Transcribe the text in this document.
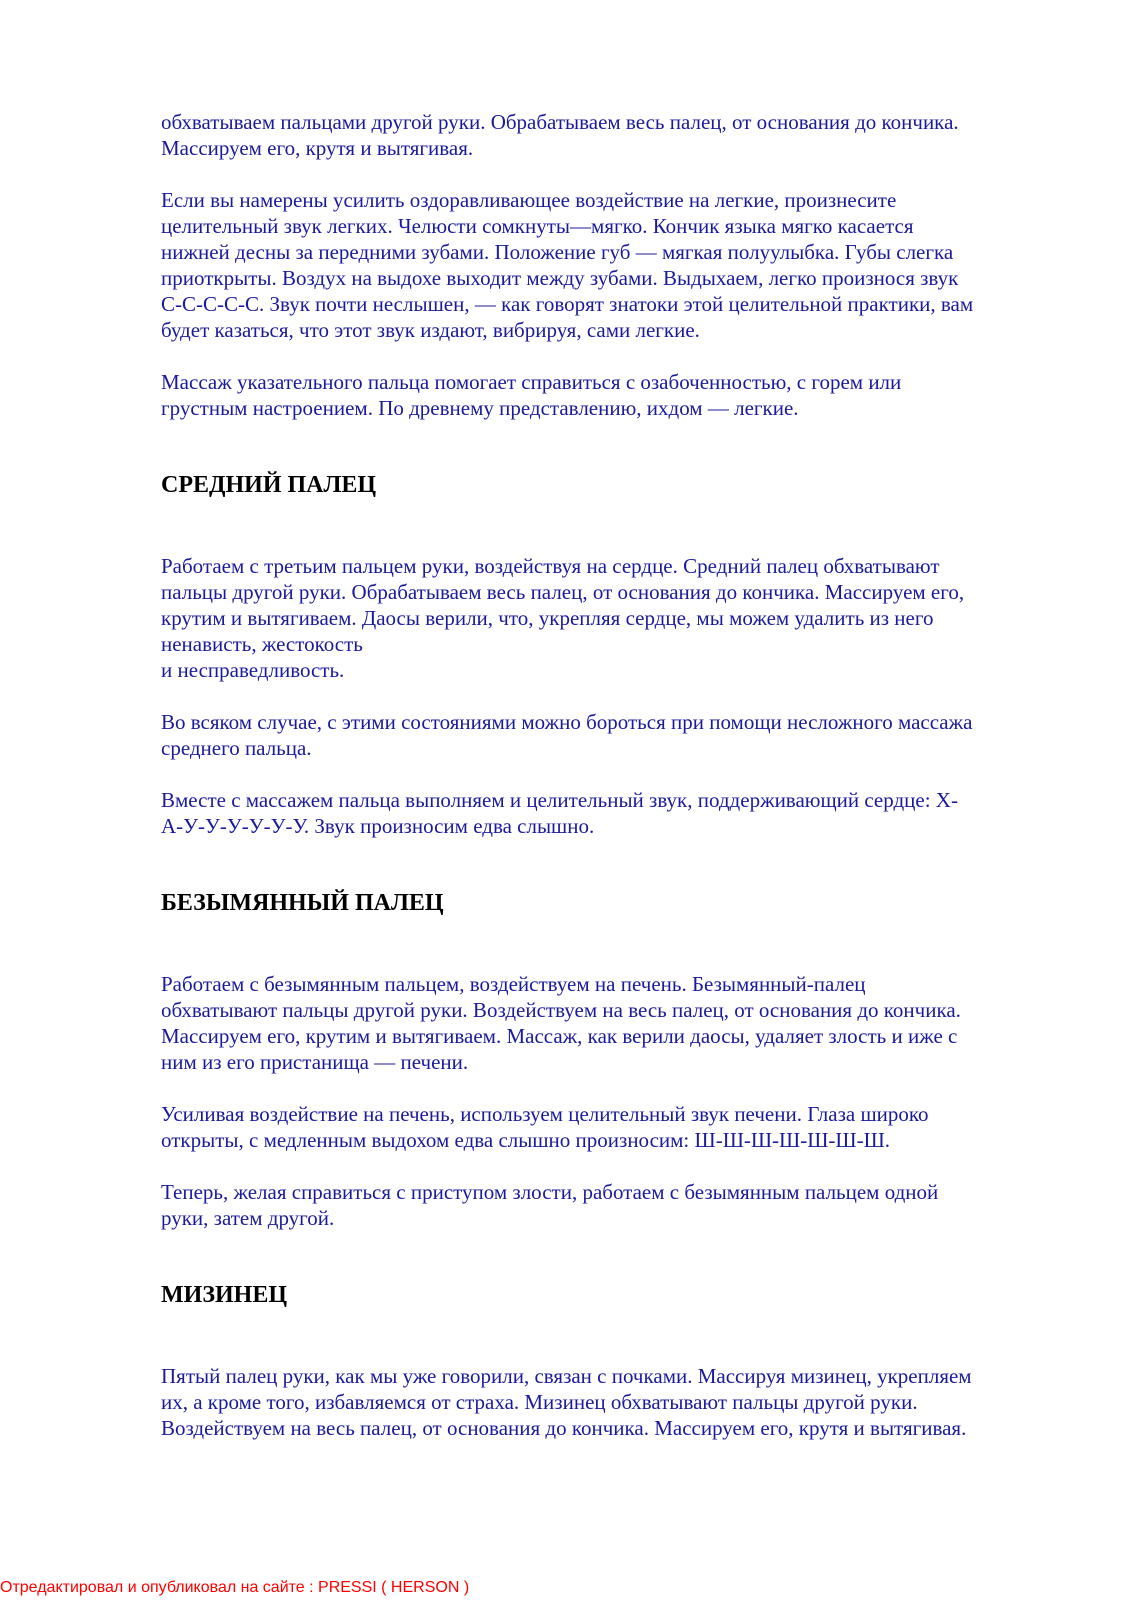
обхватываем пальцами другой руки. Обрабатываем весь палец, от основания до кончика.
Массируем его, крутя и вытягивая.

Если вы намерены усилить оздоравливающее воздействие на легкие, произнесите
целительный звук легких. Челюсти сомкнуты—мягко. Кончик языка мягко касается
нижней десны за передними зубами. Положение губ — мягкая полуулыбка. Губы слегка
приоткрыты. Воздух на выдохе выходит между зубами. Выдыхаем, легко произнося звук
С-С-С-С-С. Звук почти неслышен, — как говорят знатоки этой целительной практики, вам
будет казаться, что этот звук издают, вибрируя, сами легкие.

Массаж указательного пальца помогает справиться с озабоченностью, с горем или
грустным настроением. По древнему представлению, ихдом — легкие.

СРЕДНИЙ ПАЛЕЦ

Работаем с третьим пальцем руки, воздействуя на сердце. Средний палец обхватывают
пальцы другой руки. Обрабатываем весь палец, от основания до кончика. Массируем его,
крутим и вытягиваем. Даосы верили, что, укрепляя сердце, мы можем удалить из него
ненависть, жестокость
и несправедливость.

Во всяком случае, с этими состояниями можно бороться при помощи несложного массажа
среднего пальца.

Вместе с массажем пальца выполняем и целительный звук, поддерживающий сердце: Х-
А-У-У-У-У-У-У. Звук произносим едва слышно.

БЕЗЫМЯННЫЙ ПАЛЕЦ

Работаем с безымянным пальцем, воздействуем на печень. Безымянный-палец
обхватывают пальцы другой руки. Воздействуем на весь палец, от основания до кончика.
Массируем его, крутим и вытягиваем. Массаж, как верили даосы, удаляет злость и иже с
ним из его пристанища — печени.

Усиливая воздействие на печень, используем целительный звук печени. Глаза широко
открыты, с медленным выдохом едва слышно произносим: Ш-Ш-Ш-Ш-Ш-Ш-Ш.

Теперь, желая справиться с приступом злости, работаем с безымянным пальцем одной
руки, затем другой.

МИЗИНЕЦ

Пятый палец руки, как мы уже говорили, связан с почками. Массируя мизинец, укрепляем
их, а кроме того, избавляемся от страха. Мизинец обхватывают пальцы другой руки.
Воздействуем на весь палец, от основания до кончика. Массируем его, крутя и вытягивая.

Отредактировал и опубликовал на сайте : PRESSI ( HERSON )
